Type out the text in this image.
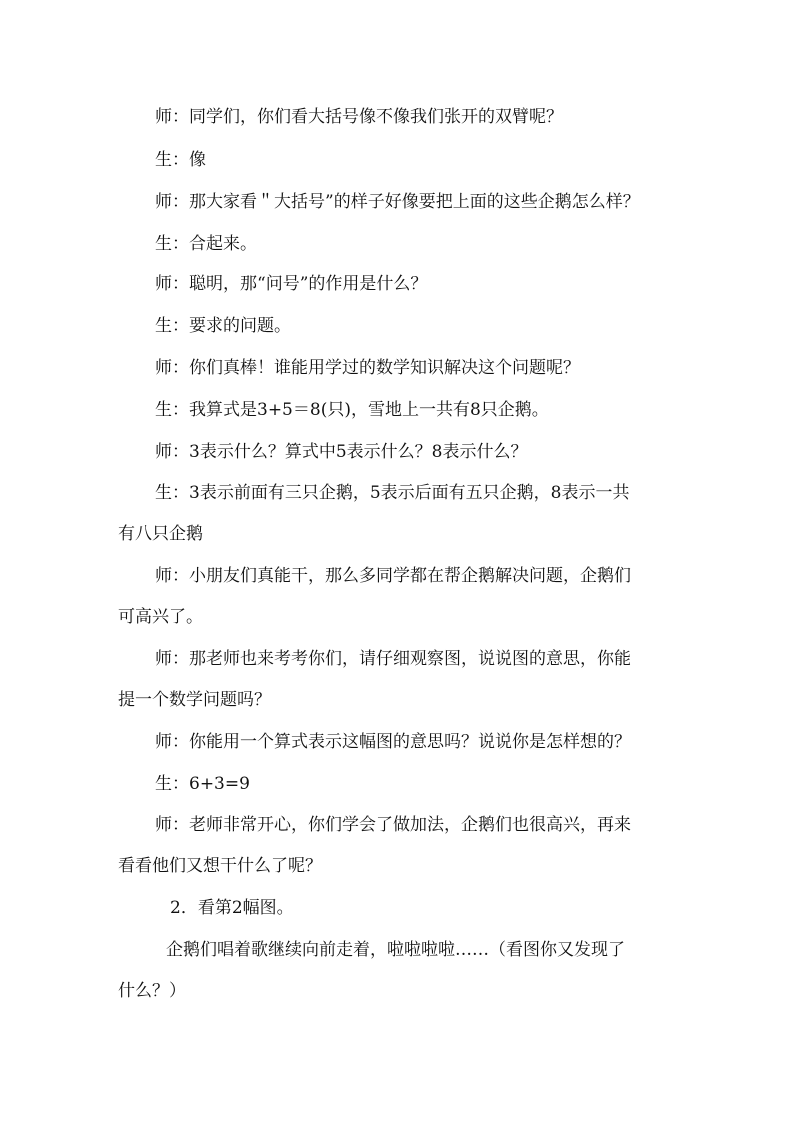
师：同学们，你们看大括号像不像我们张开的双臂呢？
生：像
师：那大家看＂大括号”的样子好像要把上面的这些企鹅怎么样？
生：合起来。
师：聪明，那“问号”的作用是什么？
生：要求的问题。
师：你们真棒！谁能用学过的数学知识解决这个问题呢？
生：我算式是3+5＝8(只)，雪地上一共有8只企鹅。
师：3表示什么？算式中5表示什么？8表示什么？
生：3表示前面有三只企鹅，5表示后面有五只企鹅，8表示一共
有八只企鹅
师：小朋友们真能干，那么多同学都在帮企鹅解决问题，企鹅们
可高兴了。
师：那老师也来考考你们，请仔细观察图，说说图的意思，你能
提一个数学问题吗？
师：你能用一个算式表示这幅图的意思吗？说说你是怎样想的？
生：6+3=9
师：老师非常开心，你们学会了做加法，企鹅们也很高兴，再来
看看他们又想干什么了呢？
2．看第2幅图。
企鹅们唱着歌继续向前走着，啦啦啦啦……（看图你又发现了
什么？）
